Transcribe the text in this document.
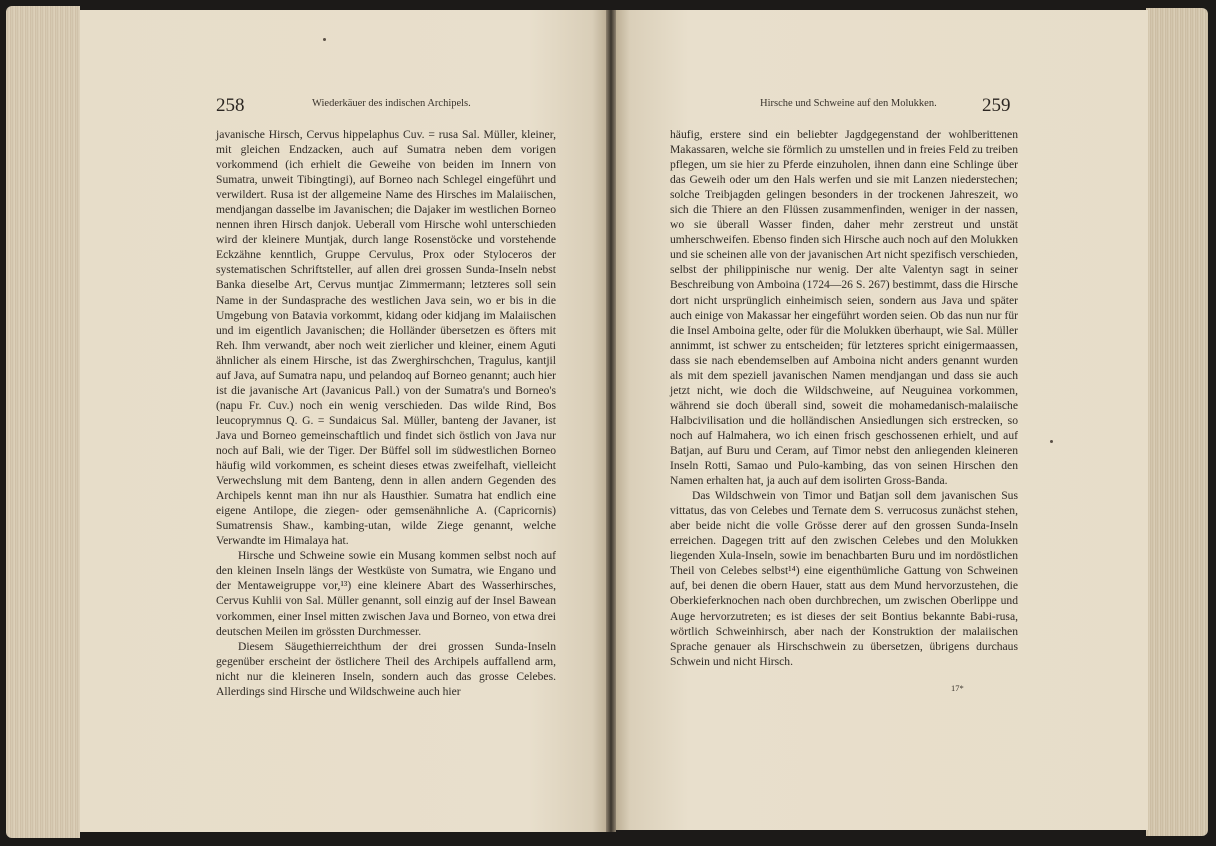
258	Wiederkäuer des indischen Archipels.

javanische Hirsch, Cervus hippelaphus Cuv. = rusa Sal. Müller, kleiner, mit gleichen Endzacken, auch auf Sumatra neben dem vorigen vorkommend (ich erhielt die Geweihe von beiden im Innern von Sumatra, unweit Tibingtingi), auf Borneo nach Schlegel eingeführt und verwildert. Rusa ist der allgemeine Name des Hirsches im Malaiischen, mendjangan dasselbe im Javanischen; die Dajaker im westlichen Borneo nennen ihren Hirsch danjok. Ueberall vom Hirsche wohl unterschieden wird der kleinere Muntjak, durch lange Rosenstöcke und vorstehende Eckzähne kenntlich, Gruppe Cervulus, Prox oder Styloceros der systematischen Schriftsteller, auf allen drei grossen Sunda-Inseln nebst Banka dieselbe Art, Cervus muntjac Zimmermann; letzteres soll sein Name in der Sundasprache des westlichen Java sein, wo er bis in die Umgebung von Batavia vorkommt, kidang oder kidjang im Malaiischen und im eigentlich Javanischen; die Holländer übersetzen es öfters mit Reh. Ihm verwandt, aber noch weit zierlicher und kleiner, einem Aguti ähnlicher als einem Hirsche, ist das Zwerghirschchen, Tragulus, kantjil auf Java, auf Sumatra napu, und pelandoq auf Borneo genannt; auch hier ist die javanische Art (Javanicus Pall.) von der Sumatra's und Borneo's (napu Fr. Cuv.) noch ein wenig verschieden. Das wilde Rind, Bos leucoprymnus Q. G. = Sundaicus Sal. Müller, banteng der Javaner, ist Java und Borneo gemeinschaftlich und findet sich östlich von Java nur noch auf Bali, wie der Tiger. Der Büffel soll im südwestlichen Borneo häufig wild vorkommen, es scheint dieses etwas zweifelhaft, vielleicht Verwechslung mit dem Banteng, denn in allen andern Gegenden des Archipels kennt man ihn nur als Hausthier. Sumatra hat endlich eine eigene Antilope, die ziegen- oder gemsenähnliche A. (Capricornis) Sumatrensis Shaw., kambing-utan, wilde Ziege genannt, welche Verwandte im Himalaya hat.

Hirsche und Schweine sowie ein Musang kommen selbst noch auf den kleinen Inseln längs der Westküste von Sumatra, wie Engano und der Mentaweigruppe vor,¹³) eine kleinere Abart des Wasserhirsches, Cervus Kuhlii von Sal. Müller genannt, soll einzig auf der Insel Bawean vorkommen, einer Insel mitten zwischen Java und Borneo, von etwa drei deutschen Meilen im grössten Durchmesser.

Diesem Säugethierreichthum der drei grossen Sunda-Inseln gegenüber erscheint der östlichere Theil des Archipels auffallend arm, nicht nur die kleineren Inseln, sondern auch das grosse Celebes. Allerdings sind Hirsche und Wildschweine auch hier

Hirsche und Schweine auf den Molukken. 259

häufig, erstere sind ein beliebter Jagdgegenstand der wohlberittenen Makassaren, welche sie förmlich zu umstellen und in freies Feld zu treiben pflegen, um sie hier zu Pferde einzuholen, ihnen dann eine Schlinge über das Geweih oder um den Hals werfen und sie mit Lanzen niederstechen; solche Treibjagden gelingen besonders in der trockenen Jahreszeit, wo sich die Thiere an den Flüssen zusammenfinden, weniger in der nassen, wo sie überall Wasser finden, daher mehr zerstreut und unstät umherschweifen. Ebenso finden sich Hirsche auch noch auf den Molukken und sie scheinen alle von der javanischen Art nicht spezifisch verschieden, selbst der philippinische nur wenig. Der alte Valentyn sagt in seiner Beschreibung von Amboina (1724—26 S. 267) bestimmt, dass die Hirsche dort nicht ursprünglich einheimisch seien, sondern aus Java und später auch einige von Makassar her eingeführt worden seien. Ob das nun nur für die Insel Amboina gelte, oder für die Molukken überhaupt, wie Sal. Müller annimmt, ist schwer zu entscheiden; für letzteres spricht einigermaassen, dass sie nach ebendemselben auf Amboina nicht anders genannt wurden als mit dem speziell javanischen Namen mendjangan und dass sie auch jetzt nicht, wie doch die Wildschweine, auf Neuguinea vorkommen, während sie doch überall sind, soweit die mohamedanisch-malaiische Halbcivilisation und die holländischen Ansiedlungen sich erstrecken, so noch auf Halmahera, wo ich einen frisch geschossenen erhielt, und auf Batjan, auf Buru und Ceram, auf Timor nebst den anliegenden kleineren Inseln Rotti, Samao und Pulo-kambing, das von seinen Hirschen den Namen erhalten hat, ja auch auf dem isolirten Gross-Banda.

Das Wildschwein von Timor und Batjan soll dem javanischen Sus vittatus, das von Celebes und Ternate dem S. verrucosus zunächst stehen, aber beide nicht die volle Grösse derer auf den grossen Sunda-Inseln erreichen. Dagegen tritt auf den zwischen Celebes und den Molukken liegenden Xula-Inseln, sowie im benachbarten Buru und im nordöstlichen Theil von Celebes selbst¹⁴) eine eigenthümliche Gattung von Schweinen auf, bei denen die obern Hauer, statt aus dem Mund hervorzustehen, die Oberkieferknochen nach oben durchbrechen, um zwischen Oberlippe und Auge hervorzutreten; es ist dieses der seit Bontius bekannte Babi-rusa, wörtlich Schweinhirsch, aber nach der Konstruktion der malaiischen Sprache genauer als Hirschschwein zu übersetzen, übrigens durchaus Schwein und nicht Hirsch.

17*
